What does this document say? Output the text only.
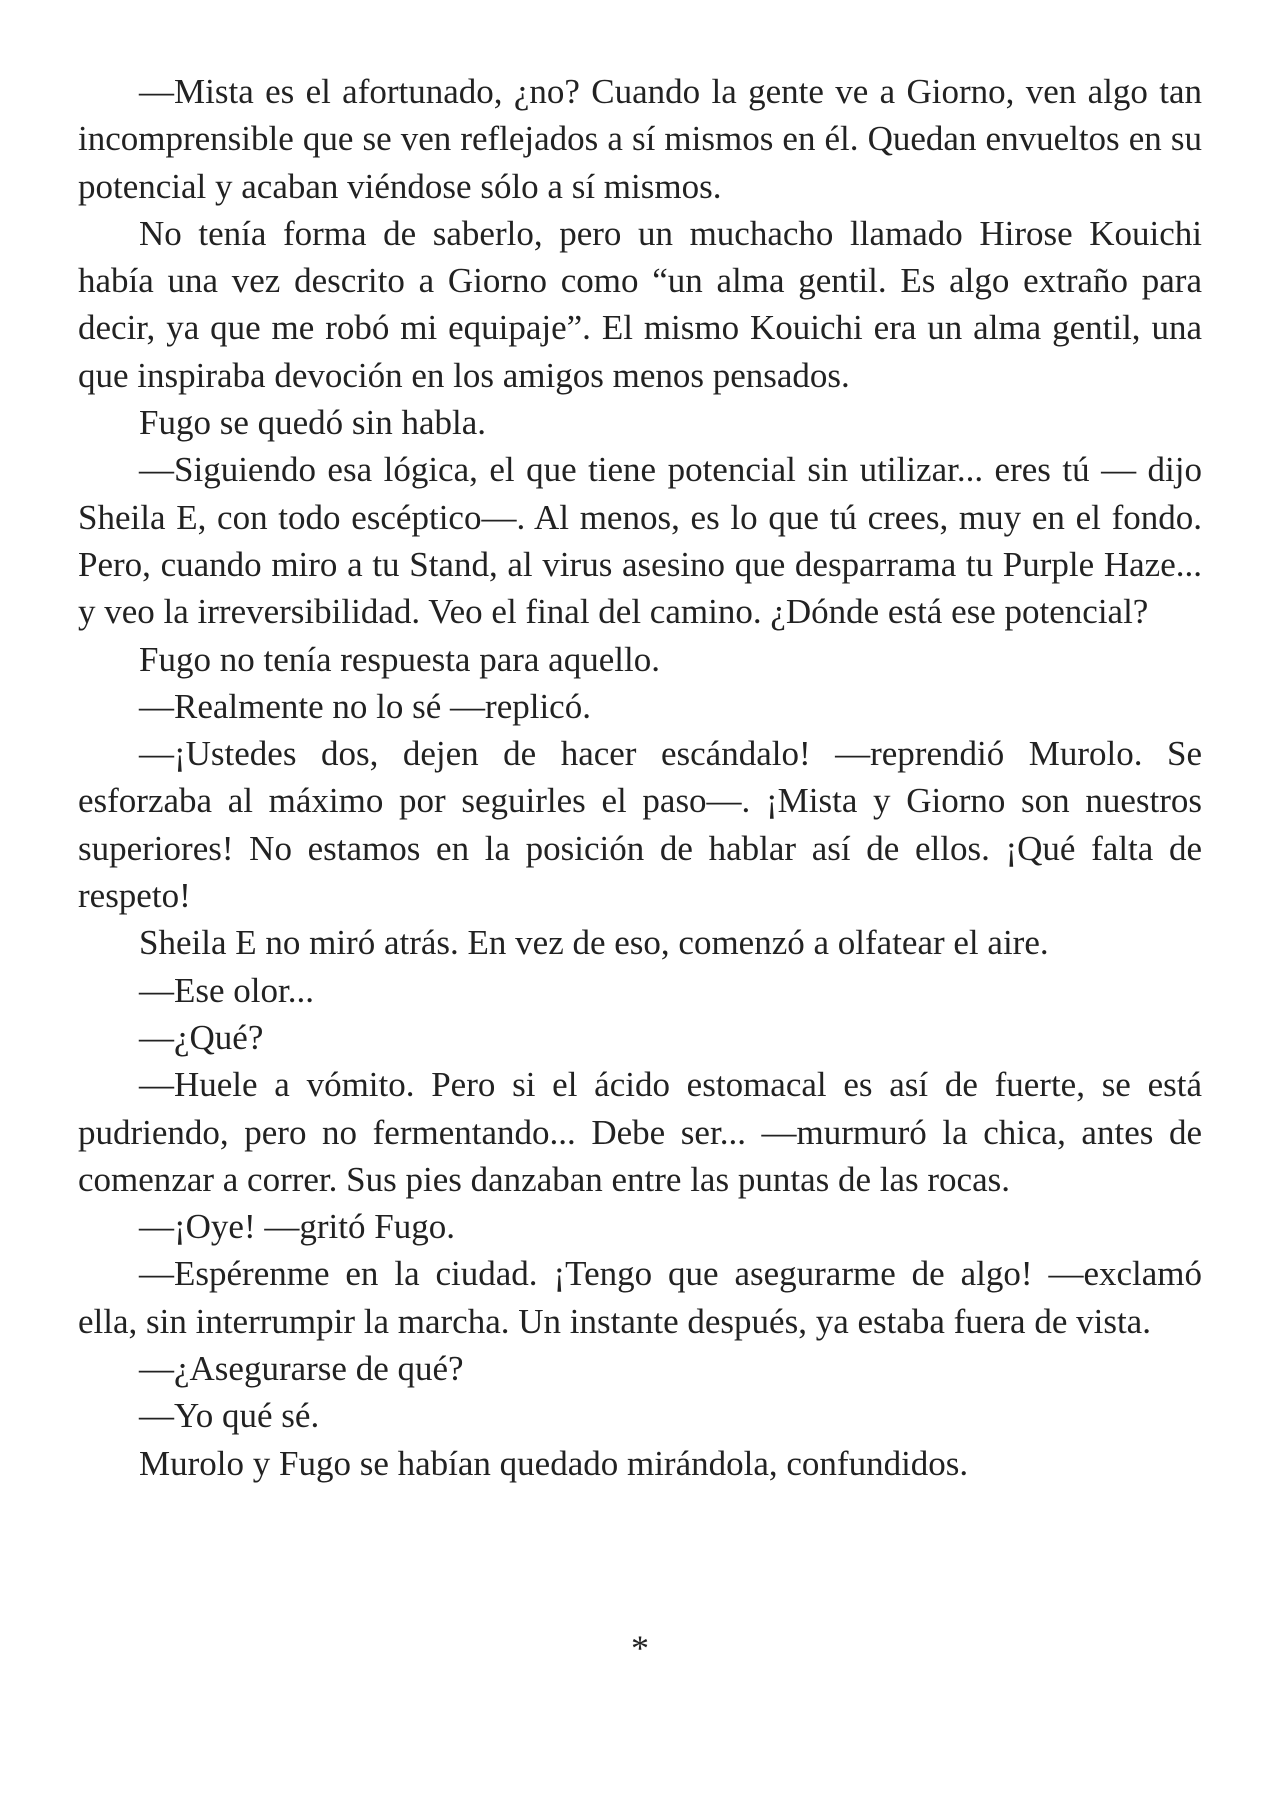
—Mista es el afortunado, ¿no? Cuando la gente ve a Giorno, ven algo tan incomprensible que se ven reflejados a sí mismos en él. Quedan envueltos en su potencial y acaban viéndose sólo a sí mismos.

No tenía forma de saberlo, pero un muchacho llamado Hirose Kouichi había una vez descrito a Giorno como “un alma gentil. Es algo extraño para decir, ya que me robó mi equipaje”. El mismo Kouichi era un alma gentil, una que inspiraba devoción en los amigos menos pensados.

Fugo se quedó sin habla.

—Siguiendo esa lógica, el que tiene potencial sin utilizar... eres tú — dijo Sheila E, con todo escéptico—. Al menos, es lo que tú crees, muy en el fondo. Pero, cuando miro a tu Stand, al virus asesino que desparrama tu Purple Haze... y veo la irreversibilidad. Veo el final del camino. ¿Dónde está ese potencial?

Fugo no tenía respuesta para aquello.

—Realmente no lo sé —replicó.

—¡Ustedes dos, dejen de hacer escándalo! —reprendió Murolo. Se esforzaba al máximo por seguirles el paso—. ¡Mista y Giorno son nuestros superiores! No estamos en la posición de hablar así de ellos. ¡Qué falta de respeto!

Sheila E no miró atrás. En vez de eso, comenzó a olfatear el aire.

—Ese olor...

—¿Qué?

—Huele a vómito. Pero si el ácido estomacal es así de fuerte, se está pudriendo, pero no fermentando... Debe ser... —murmuró la chica, antes de comenzar a correr. Sus pies danzaban entre las puntas de las rocas.

—¡Oye! —gritó Fugo.

—Espérenme en la ciudad. ¡Tengo que asegurarme de algo! —exclamó ella, sin interrumpir la marcha. Un instante después, ya estaba fuera de vista.

—¿Asegurarse de qué?

—Yo qué sé.

Murolo y Fugo se habían quedado mirándola, confundidos.

*
